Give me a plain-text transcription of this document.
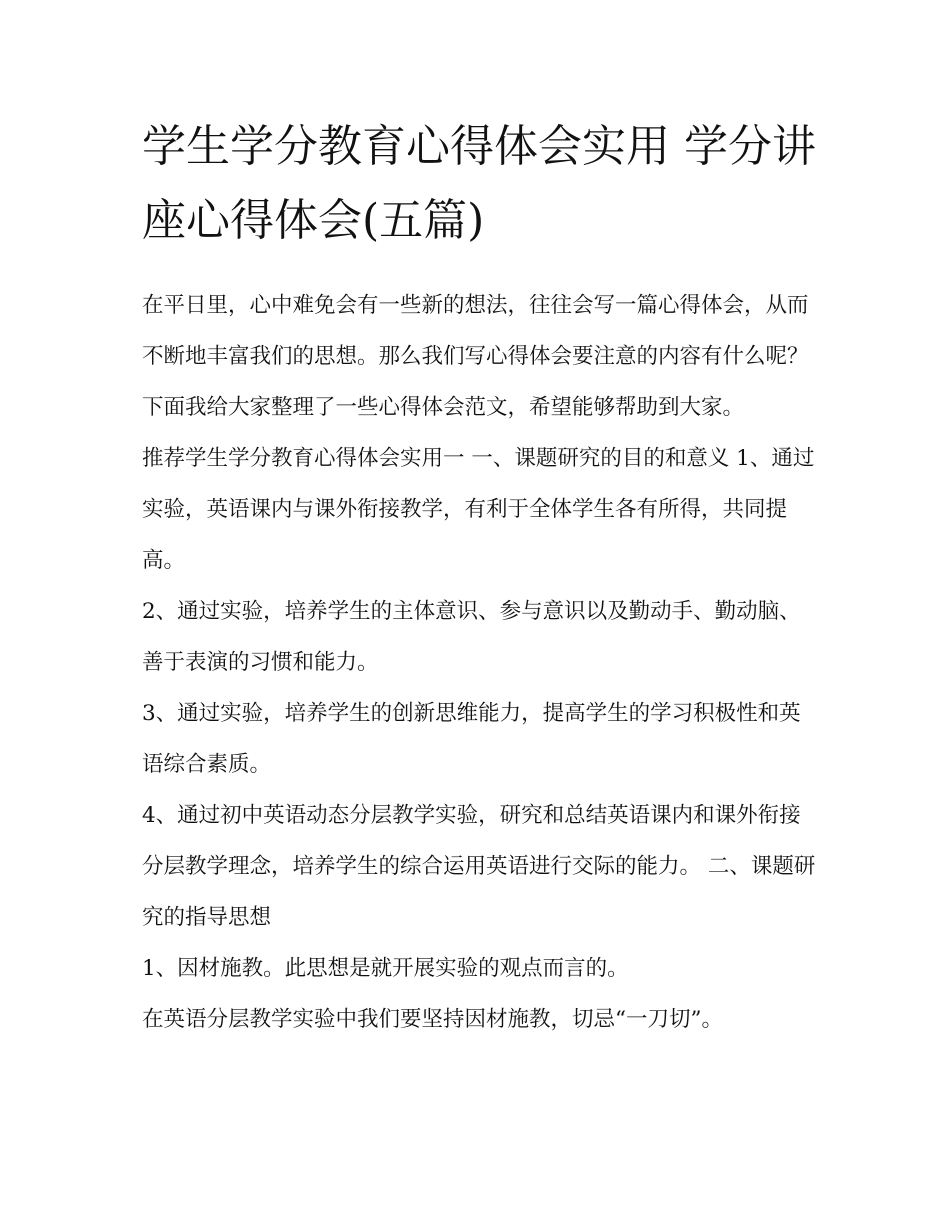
学生学分教育心得体会实用 学分讲座心得体会(五篇)

在平日里，心中难免会有一些新的想法，往往会写一篇心得体会，从而不断地丰富我们的思想。那么我们写心得体会要注意的内容有什么呢？下面我给大家整理了一些心得体会范文，希望能够帮助到大家。

推荐学生学分教育心得体会实用一 一、课题研究的目的和意义 1、通过实验，英语课内与课外衔接教学，有利于全体学生各有所得，共同提高。

2、通过实验，培养学生的主体意识、参与意识以及勤动手、勤动脑、善于表演的习惯和能力。

3、通过实验，培养学生的创新思维能力，提高学生的学习积极性和英语综合素质。

4、通过初中英语动态分层教学实验，研究和总结英语课内和课外衔接分层教学理念，培养学生的综合运用英语进行交际的能力。 二、课题研究的指导思想

1、因材施教。此思想是就开展实验的观点而言的。

在英语分层教学实验中我们要坚持因材施教，切忌“一刀切”。
